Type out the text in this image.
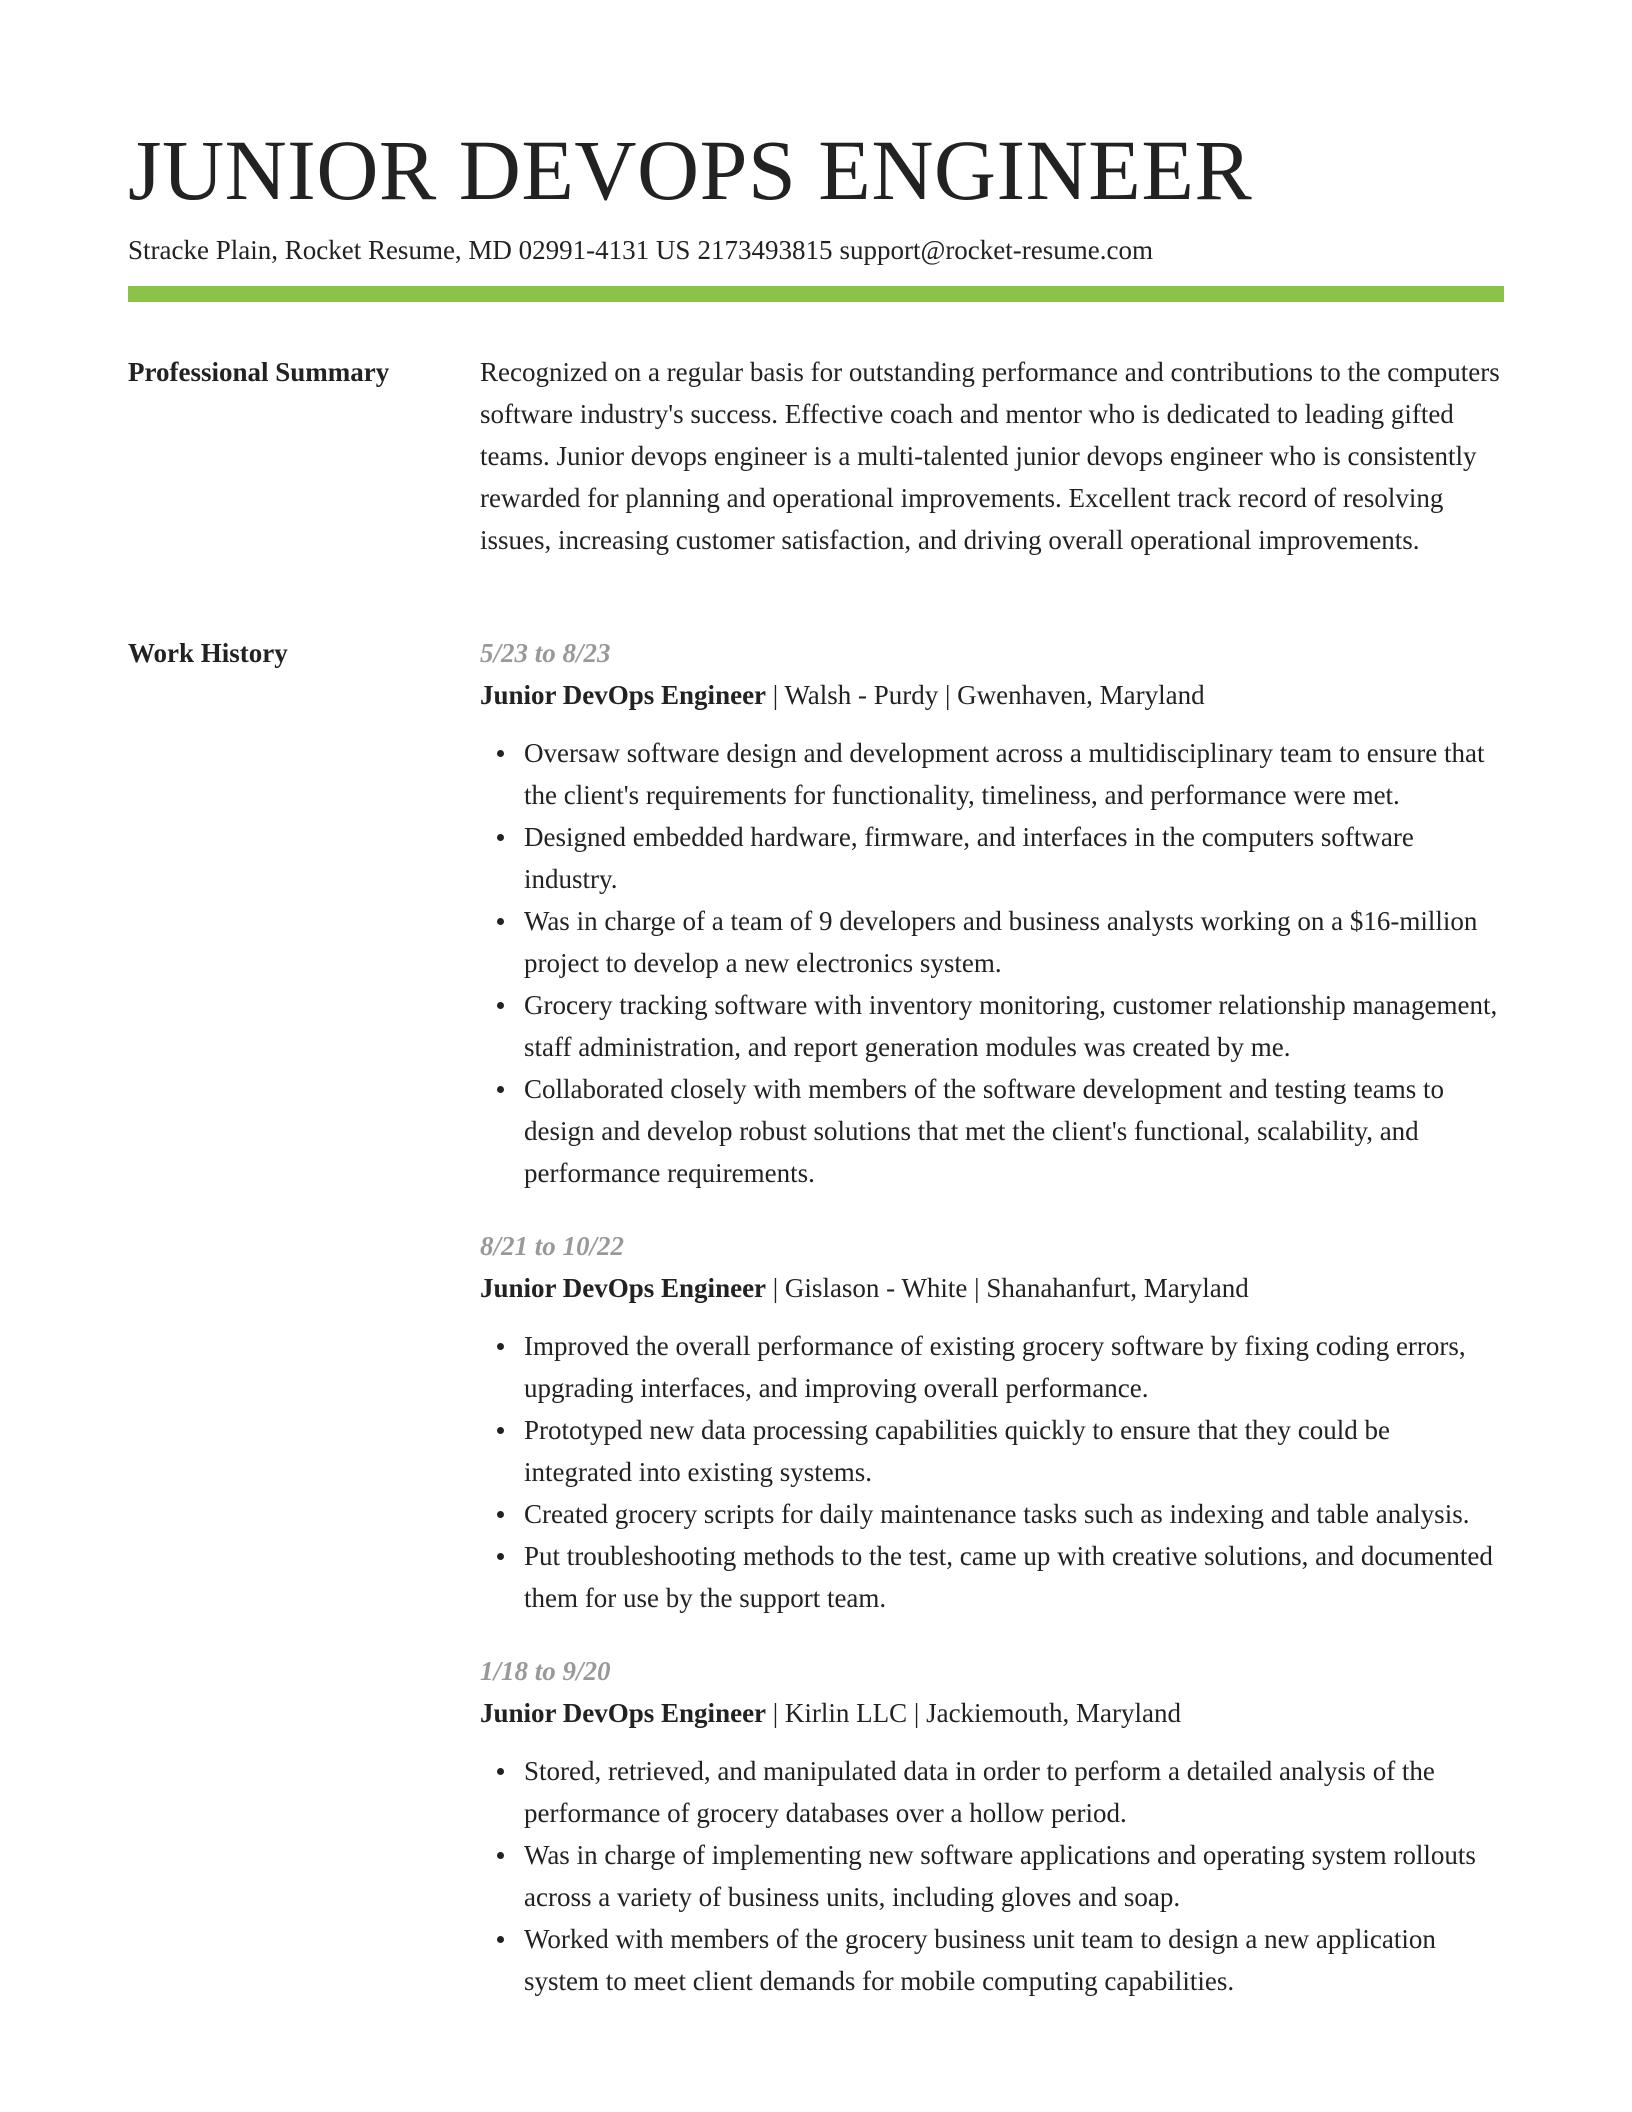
JUNIOR DEVOPS ENGINEER
Stracke Plain, Rocket Resume, MD 02991-4131 US 2173493815 support@rocket-resume.com
Professional Summary	Recognized on a regular basis for outstanding performance and contributions to the computers software industry's success. Effective coach and mentor who is dedicated to leading gifted teams. Junior devops engineer is a multi-talented junior devops engineer who is consistently rewarded for planning and operational improvements. Excellent track record of resolving issues, increasing customer satisfaction, and driving overall operational improvements.

Work History	5/23 to 8/23
Junior DevOps Engineer | Walsh - Purdy | Gwenhaven, Maryland
Oversaw software design and development across a multidisciplinary team to ensure that the client's requirements for functionality, timeliness, and performance were met.
Designed embedded hardware, firmware, and interfaces in the computers software industry.
Was in charge of a team of 9 developers and business analysts working on a $16-million project to develop a new electronics system.
Grocery tracking software with inventory monitoring, customer relationship management, staff administration, and report generation modules was created by me.
Collaborated closely with members of the software development and testing teams to design and develop robust solutions that met the client's functional, scalability, and performance requirements.
8/21 to 10/22
Junior DevOps Engineer | Gislason - White | Shanahanfurt, Maryland
Improved the overall performance of existing grocery software by fixing coding errors, upgrading interfaces, and improving overall performance.
Prototyped new data processing capabilities quickly to ensure that they could be integrated into existing systems.
Created grocery scripts for daily maintenance tasks such as indexing and table analysis.
Put troubleshooting methods to the test, came up with creative solutions, and documented them for use by the support team.
1/18 to 9/20
Junior DevOps Engineer | Kirlin LLC | Jackiemouth, Maryland
Stored, retrieved, and manipulated data in order to perform a detailed analysis of the performance of grocery databases over a hollow period.
Was in charge of implementing new software applications and operating system rollouts across a variety of business units, including gloves and soap.
Worked with members of the grocery business unit team to design a new application system to meet client demands for mobile computing capabilities.
